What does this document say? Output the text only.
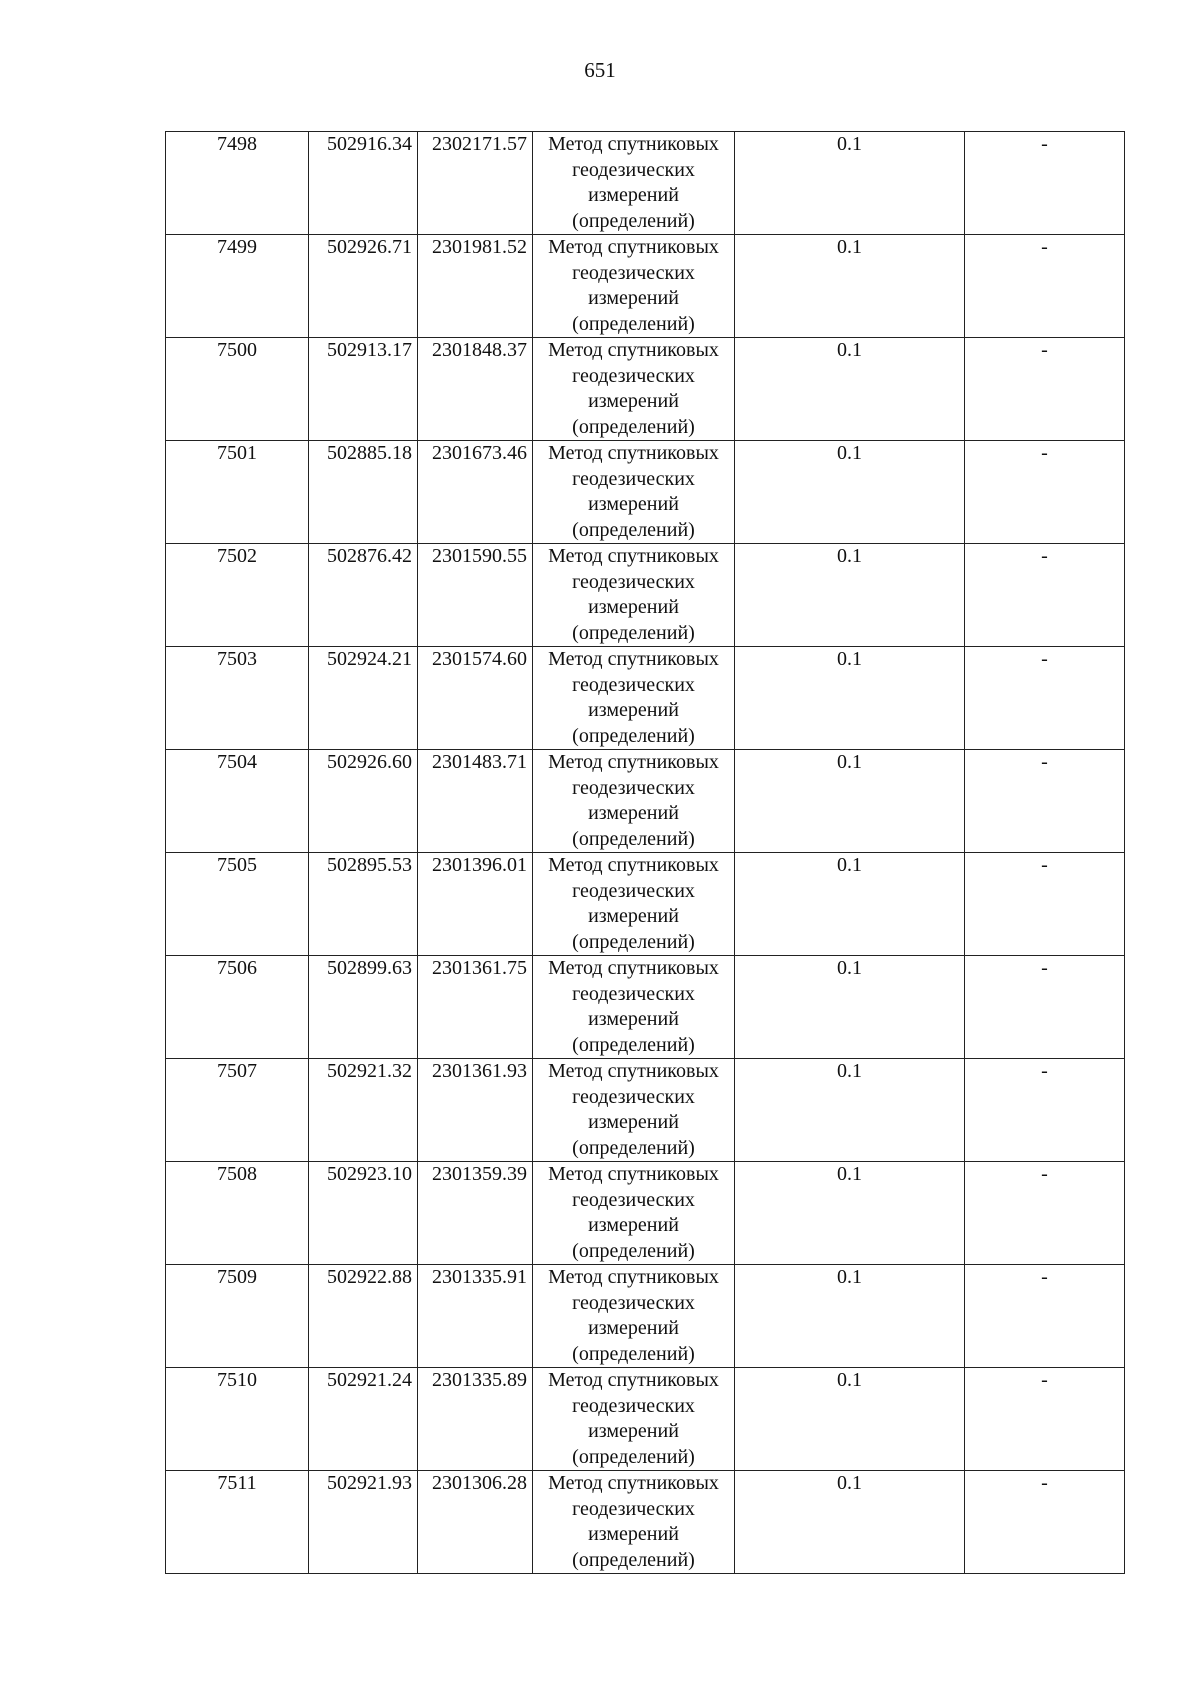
651
7498	502916.34	2302171.57	Метод спутниковых геодезических измерений (определений)	0.1	-
7499	502926.71	2301981.52	Метод спутниковых геодезических измерений (определений)	0.1	-
7500	502913.17	2301848.37	Метод спутниковых геодезических измерений (определений)	0.1	-
7501	502885.18	2301673.46	Метод спутниковых геодезических измерений (определений)	0.1	-
7502	502876.42	2301590.55	Метод спутниковых геодезических измерений (определений)	0.1	-
7503	502924.21	2301574.60	Метод спутниковых геодезических измерений (определений)	0.1	-
7504	502926.60	2301483.71	Метод спутниковых геодезических измерений (определений)	0.1	-
7505	502895.53	2301396.01	Метод спутниковых геодезических измерений (определений)	0.1	-
7506	502899.63	2301361.75	Метод спутниковых геодезических измерений (определений)	0.1	-
7507	502921.32	2301361.93	Метод спутниковых геодезических измерений (определений)	0.1	-
7508	502923.10	2301359.39	Метод спутниковых геодезических измерений (определений)	0.1	-
7509	502922.88	2301335.91	Метод спутниковых геодезических измерений (определений)	0.1	-
7510	502921.24	2301335.89	Метод спутниковых геодезических измерений (определений)	0.1	-
7511	502921.93	2301306.28	Метод спутниковых геодезических измерений (определений)	0.1	-
